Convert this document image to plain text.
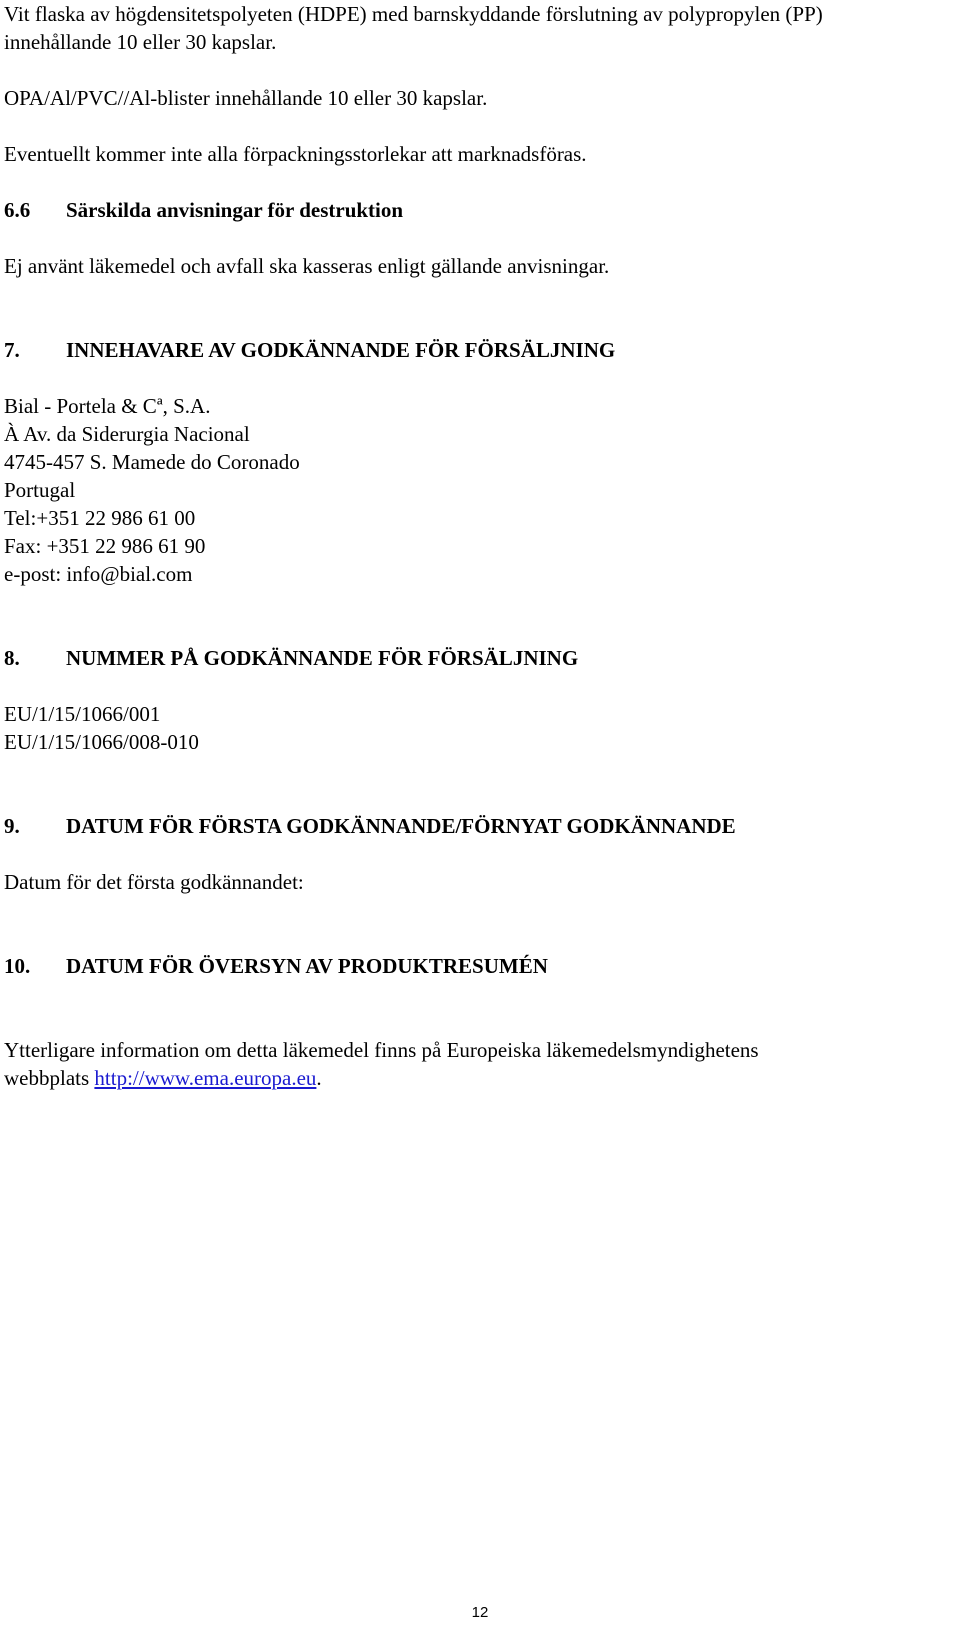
Vit flaska av högdensitetspolyeten (HDPE) med barnskyddande förslutning av polypropylen (PP)
innehållande 10 eller 30 kapslar.
OPA/Al/PVC//Al-blister innehållande 10 eller 30 kapslar.
Eventuellt kommer inte alla förpackningsstorlekar att marknadsföras.
6.6	Särskilda anvisningar för destruktion
Ej använt läkemedel och avfall ska kasseras enligt gällande anvisningar.
7.	INNEHAVARE AV GODKÄNNANDE FÖR FÖRSÄLJNING
Bial - Portela & Cª, S.A.
À Av. da Siderurgia Nacional
4745-457 S. Mamede do Coronado
Portugal
Tel:+351 22 986 61 00
Fax: +351 22 986 61 90
e-post: info@bial.com
8.	NUMMER PÅ GODKÄNNANDE FÖR FÖRSÄLJNING
EU/1/15/1066/001
EU/1/15/1066/008-010
9.	DATUM FÖR FÖRSTA GODKÄNNANDE/FÖRNYAT GODKÄNNANDE
Datum för det första godkännandet:
10.	DATUM FÖR ÖVERSYN AV PRODUKTRESUMÉN
Ytterligare information om detta läkemedel finns på Europeiska läkemedelsmyndighetens
webbplats http://www.ema.europa.eu.
12
